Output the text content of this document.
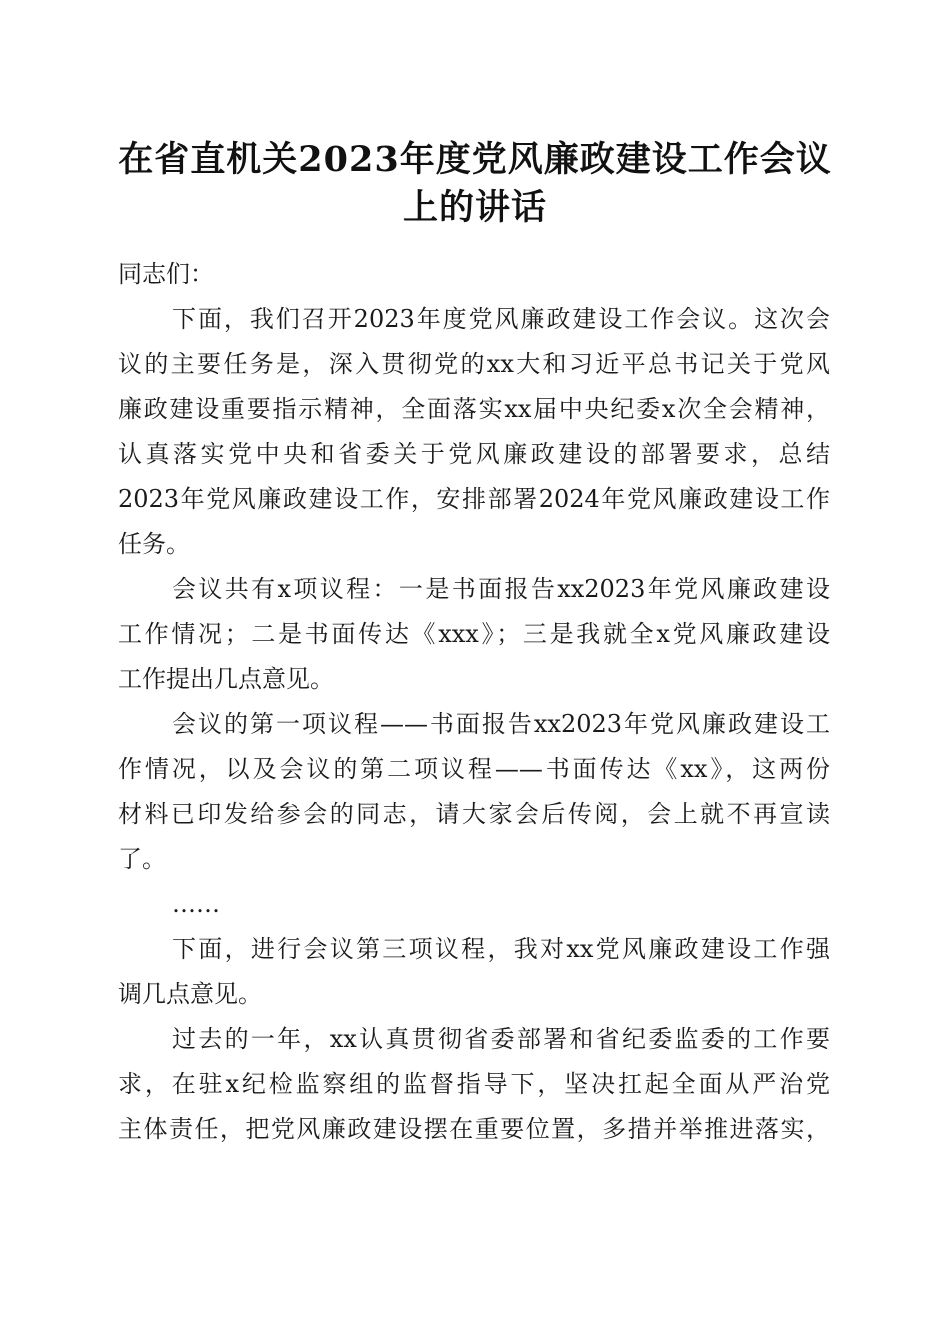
在省直机关2023年度党风廉政建设工作会议
上的讲话
同志们：
下面，我们召开2023年度党风廉政建设工作会议。这次会
议的主要任务是，深入贯彻党的xx大和习近平总书记关于党风
廉政建设重要指示精神，全面落实xx届中央纪委x次全会精神，
认真落实党中央和省委关于党风廉政建设的部署要求，总结
2023年党风廉政建设工作，安排部署2024年党风廉政建设工作
任务。
会议共有x项议程：一是书面报告xx2023年党风廉政建设
工作情况；二是书面传达《xxx》；三是我就全x党风廉政建设
工作提出几点意见。
会议的第一项议程——书面报告xx2023年党风廉政建设工
作情况，以及会议的第二项议程——书面传达《xx》，这两份
材料已印发给参会的同志，请大家会后传阅，会上就不再宣读
了。
……
下面，进行会议第三项议程，我对xx党风廉政建设工作强
调几点意见。
过去的一年，xx认真贯彻省委部署和省纪委监委的工作要
求，在驻x纪检监察组的监督指导下，坚决扛起全面从严治党
主体责任，把党风廉政建设摆在重要位置，多措并举推进落实，
